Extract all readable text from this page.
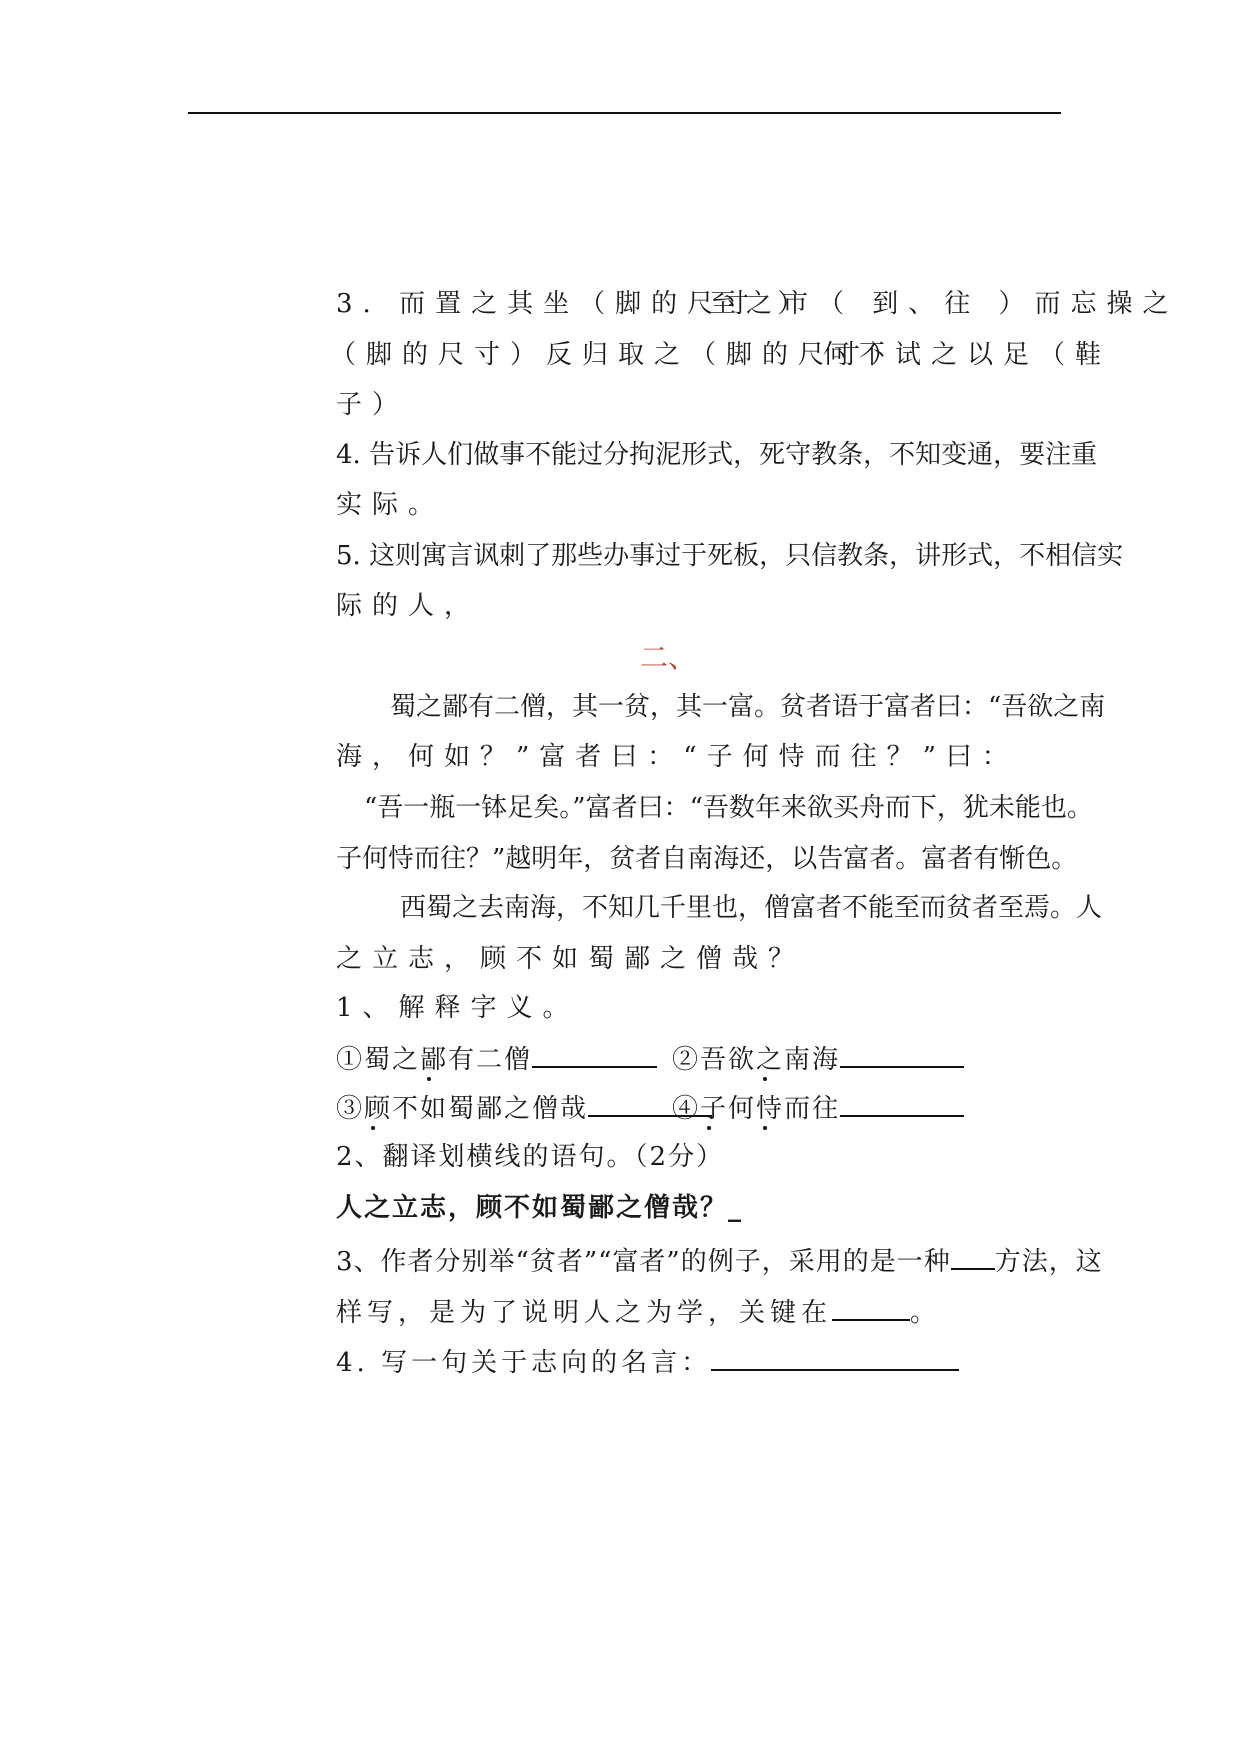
3. 而置之其坐（脚的尺寸 ）
至之市（ 到、往 ）而忘操之
（脚的尺寸）反归取之（脚的尺寸）
何不试之以足（鞋
子）
4. 告诉人们做事不能过分拘泥形式，死守教条，不知变通，要注重
实际。
5. 这则寓言讽刺了那些办事过于死板，只信教条，讲形式，不相信实
际的人，
二、
蜀之鄙有二僧，其一贫，其一富。贫者语于富者曰：“吾欲之南
海，何如？”富者曰：“子何恃而往？”曰：
“吾一瓶一钵足矣。”富者曰：“吾数年来欲买舟而下，犹未能也。
子何恃而往？”越明年，贫者自南海还，以告富者。富者有惭色。
西蜀之去南海，不知几千里也，僧富者不能至而贫者至焉。人
之立志，顾不如蜀鄙之僧哉？
1、解释字义。
①蜀之鄙有二僧	②吾欲之南海
③顾不如蜀鄙之僧哉	④子何恃而往
2、翻译划横线的语句。（2分）
人之立志，顾不如蜀鄙之僧哉？_
3、作者分别举“贫者”“富者”的例子，采用的是一种 方法，这
样写，是为了说明人之为学，关键在	。
4. 写一句关于志向的名言：
